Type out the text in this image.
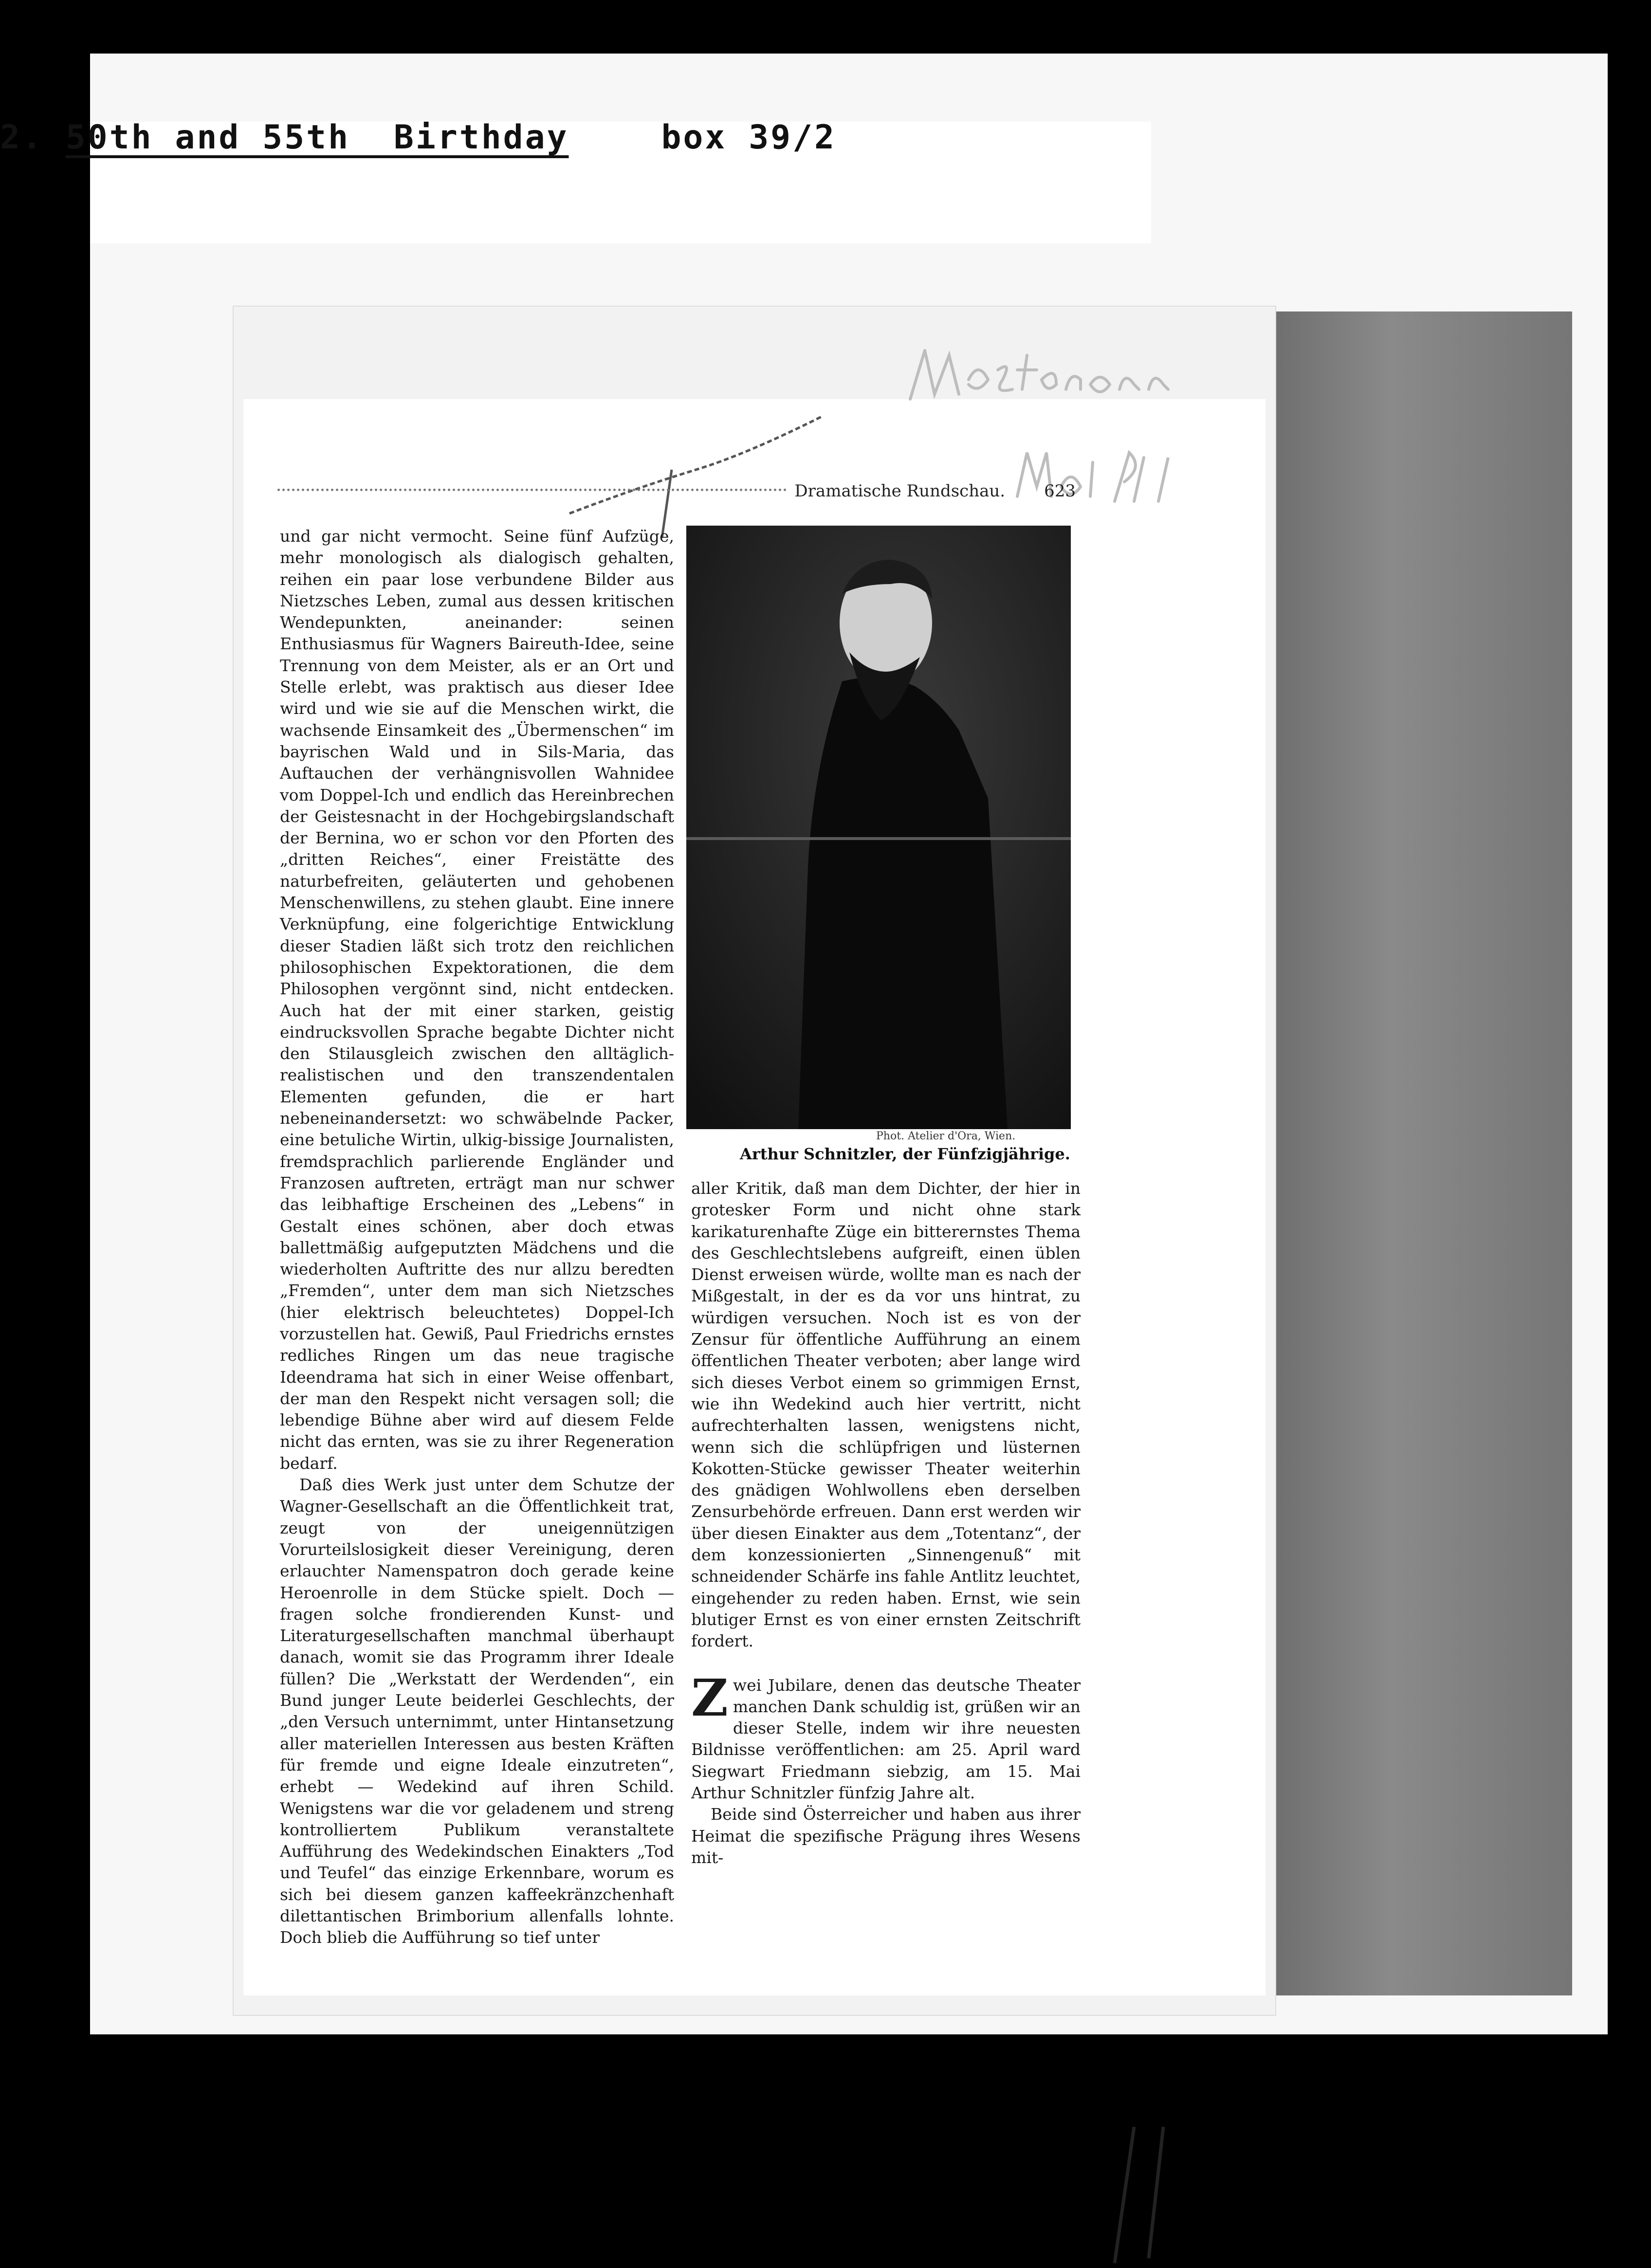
2. 50th and 55th  Birthday	box 39/2
Dramatische Rundschau. 623

und gar nicht vermocht. Seine fünf Aufzüge, mehr monologisch als dialogisch gehalten, reihen ein paar lose verbundene Bilder aus Nietzsches Leben, zumal aus dessen kritischen Wendepunkten, aneinander: seinen Enthusiasmus für Wagners Baireuth-Idee, seine Trennung von dem Meister, als er an Ort und Stelle erlebt, was praktisch aus dieser Idee wird und wie sie auf die Menschen wirkt, die wachsende Einsamkeit des „Übermenschen“ im bayrischen Wald und in Sils-Maria, das Auftauchen der verhängnisvollen Wahnidee vom Doppel-Ich und endlich das Hereinbrechen der Geistesnacht in der Hochgebirgslandschaft der Bernina, wo er schon vor den Pforten des „dritten Reiches“, einer Freistätte des naturbefreiten, geläuterten und gehobenen Menschenwillens, zu stehen glaubt. Eine innere Verknüpfung, eine folgerichtige Entwicklung dieser Stadien läßt sich trotz den reichlichen philosophischen Expektorationen, die dem Philosophen vergönnt sind, nicht entdecken. Auch hat der mit einer starken, geistig eindrucksvollen Sprache begabte Dichter nicht den Stilausgleich zwischen den alltäglich-realistischen und den transzendentalen Elementen gefunden, die er hart nebeneinandersetzt: wo schwäbelnde Packer, eine betuliche Wirtin, ulkig-bissige Journalisten, fremdsprachlich parlierende Engländer und Franzosen auftreten, erträgt man nur schwer das leibhaftige Erscheinen des „Lebens“ in Gestalt eines schönen, aber doch etwas ballettmäßig aufgeputzten Mädchens und die wiederholten Auftritte des nur allzu beredten „Fremden“, unter dem man sich Nietzsches (hier elektrisch beleuchtetes) Doppel-Ich vorzustellen hat. Gewiß, Paul Friedrichs ernstes redliches Ringen um das neue tragische Ideendrama hat sich in einer Weise offenbart, der man den Respekt nicht versagen soll; die lebendige Bühne aber wird auf diesem Felde nicht das ernten, was sie zu ihrer Regeneration bedarf.

Daß dies Werk just unter dem Schutze der Wagner-Gesellschaft an die Öffentlichkeit trat, zeugt von der uneigennützigen Vorurteilslosigkeit dieser Vereinigung, deren erlauchter Namenspatron doch gerade keine Heroenrolle in dem Stücke spielt. Doch — fragen solche frondierenden Kunst- und Literaturgesellschaften manchmal überhaupt danach, womit sie das Programm ihrer Ideale füllen? Die „Werkstatt der Werdenden“, ein Bund junger Leute beiderlei Geschlechts, der „den Versuch unternimmt, unter Hintansetzung aller materiellen Interessen aus besten Kräften für fremde und eigne Ideale einzutreten“, erhebt — Wedekind auf ihren Schild. Wenigstens war die vor geladenem und streng kontrolliertem Publikum veranstaltete Aufführung des Wedekindschen Einakters „Tod und Teufel“ das einzige Erkennbare, worum es sich bei diesem ganzen kaffeekränzchenhaft dilettantischen Brimborium allenfalls lohnte. Doch blieb die Aufführung so tief unter

Phot. Atelier d'Ora, Wien.
Arthur Schnitzler, der Fünfzigjährige.

aller Kritik, daß man dem Dichter, der hier in grotesker Form und nicht ohne stark karikaturenhafte Züge ein bitterernstes Thema des Geschlechtslebens aufgreift, einen üblen Dienst erweisen würde, wollte man es nach der Mißgestalt, in der es da vor uns hintrat, zu würdigen versuchen. Noch ist es von der Zensur für öffentliche Aufführung an einem öffentlichen Theater verboten; aber lange wird sich dieses Verbot einem so grimmigen Ernst, wie ihn Wedekind auch hier vertritt, nicht aufrechterhalten lassen, wenigstens nicht, wenn sich die schlüpfrigen und lüsternen Kokotten-Stücke gewisser Theater weiterhin des gnädigen Wohlwollens eben derselben Zensurbehörde erfreuen. Dann erst werden wir über diesen Einakter aus dem „Totentanz“, der dem konzessionierten „Sinnengenuß“ mit schneidender Schärfe ins fahle Antlitz leuchtet, eingehender zu reden haben. Ernst, wie sein blutiger Ernst es von einer ernsten Zeitschrift fordert.

Zwei Jubilare, denen das deutsche Theater manchen Dank schuldig ist, grüßen wir an dieser Stelle, indem wir ihre neuesten Bildnisse veröffentlichen: am 25. April ward Siegwart Friedmann siebzig, am 15. Mai Arthur Schnitzler fünfzig Jahre alt.

Beide sind Österreicher und haben aus ihrer Heimat die spezifische Prägung ihres Wesens mit-
